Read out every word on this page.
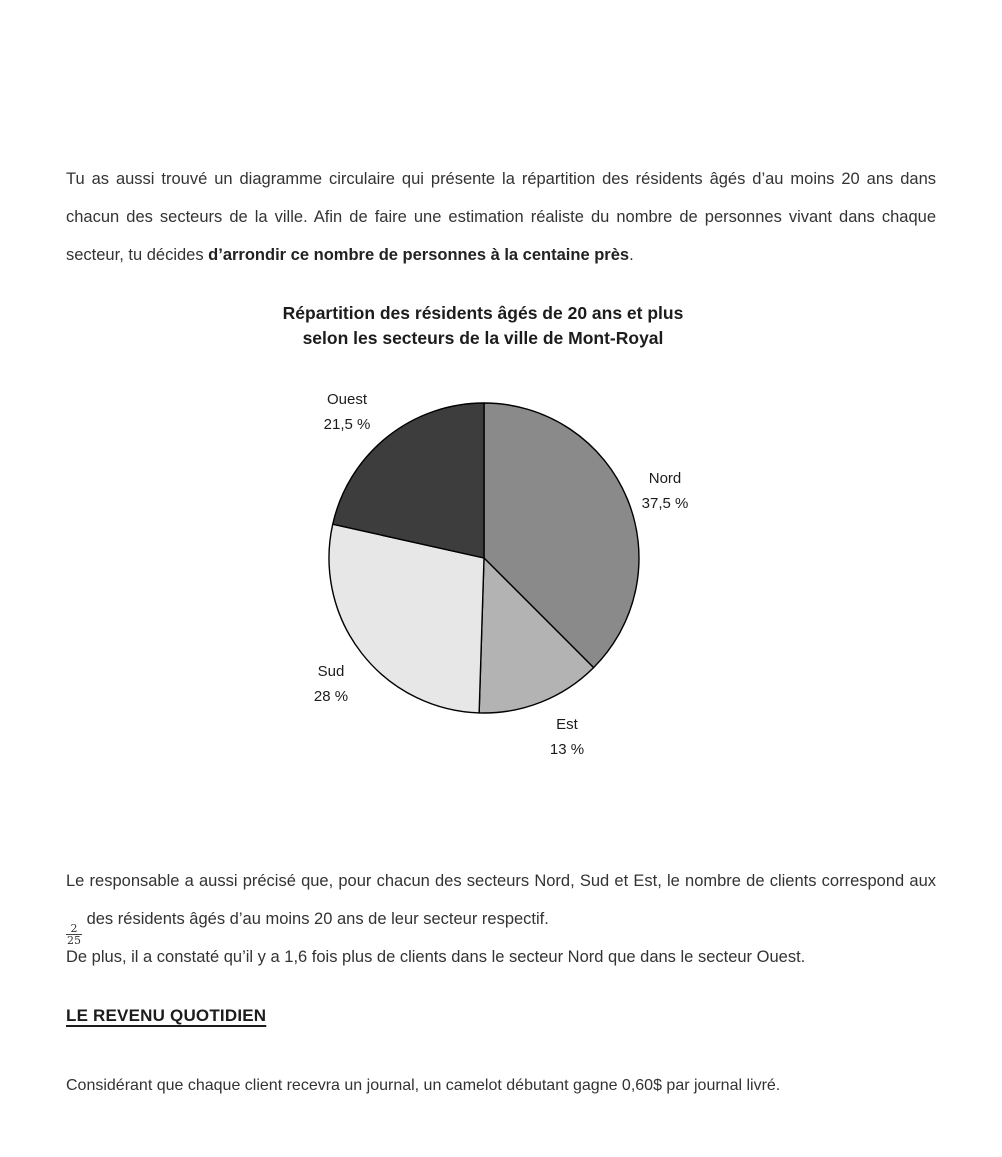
Tu as aussi trouvé un diagramme circulaire qui présente la répartition des résidents âgés d’au moins 20 ans dans chacun des secteurs de la ville. Afin de faire une estimation réaliste du nombre de personnes vivant dans chaque secteur, tu décides d’arrondir ce nombre de personnes à la centaine près.

Répartition des résidents âgés de 20 ans et plus
selon les secteurs de la ville de Mont-Royal
Ouest
21,5 %
Nord
37,5 %
Sud
28 %
Est
13 %

Le responsable a aussi précisé que, pour chacun des secteurs Nord, Sud et Est, le nombre de clients correspond aux
$\frac{2}{25}$
des résidents âgés d’au moins 20 ans de leur secteur respectif.

De plus, il a constaté qu’il y a 1,6 fois plus de clients dans le secteur Nord que dans le secteur Ouest.

LE REVENU QUOTIDIEN

Considérant que chaque client recevra un journal, un camelot débutant gagne 0,60$ par journal livré.
